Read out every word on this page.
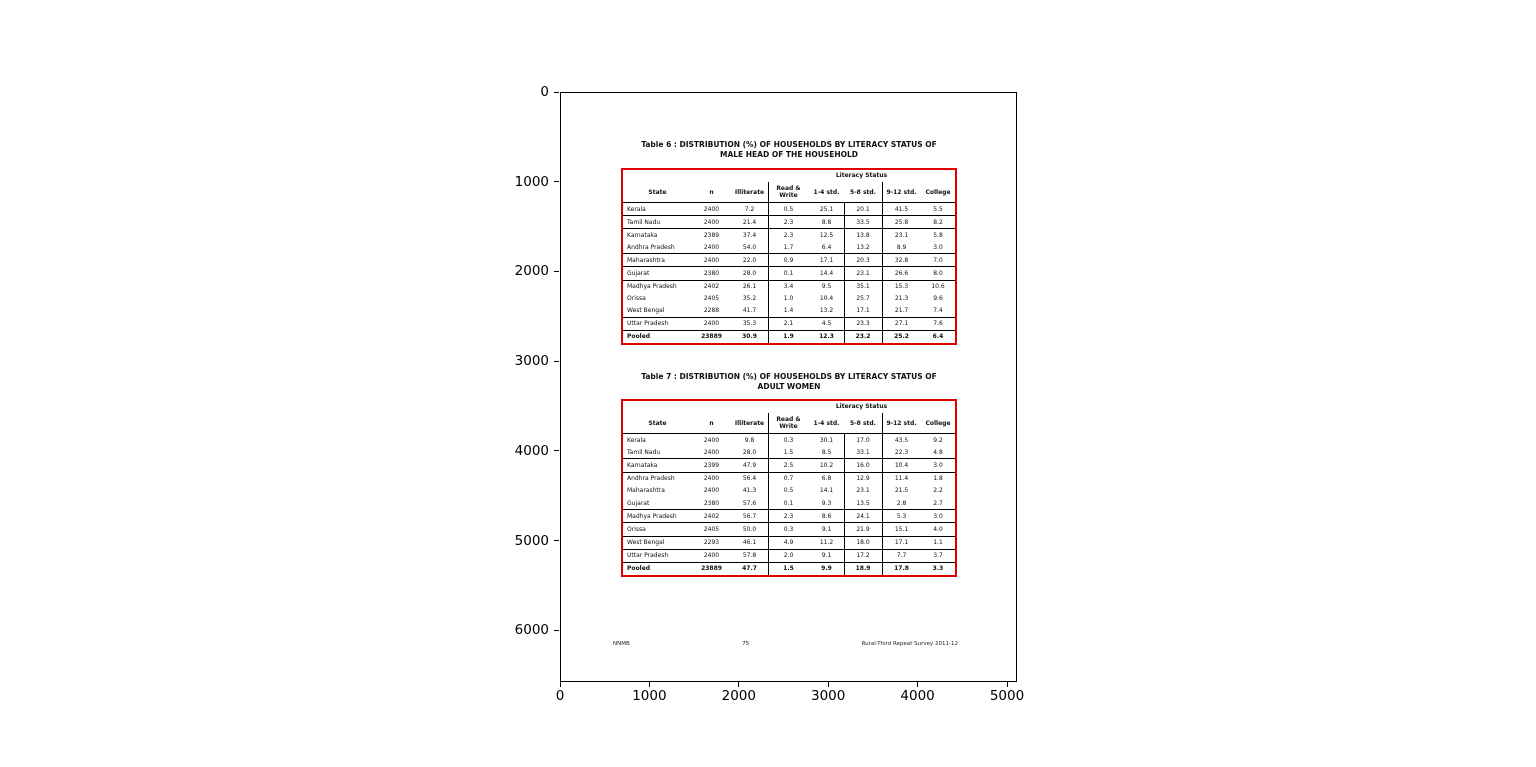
Table 6 : DISTRIBUTION (%) OF HOUSEHOLDS BY LITERACY STATUS OF
MALE HEAD OF THE HOUSEHOLD
Literacy Status
State	n	Illiterate	Read & Write	1-4 std.	5-8 std.	9-12 std.	College
Kerala	2400	7.2	0.5	25.1	20.1	41.5	5.5
Tamil Nadu	2400	21.4	2.3	8.8	33.5	25.8	8.2
Karnataka	2389	37.4	2.3	12.5	13.8	23.1	5.8
Andhra Pradesh	2400	54.0	1.7	6.4	13.2	8.9	3.0
Maharashtra	2400	22.0	0.9	17.1	20.3	32.8	7.0
Gujarat	2380	28.0	0.1	14.4	23.1	26.6	8.0
Madhya Pradesh	2402	26.1	3.4	9.5	35.1	15.3	10.6
Orissa	2405	35.2	1.0	10.4	25.7	21.3	9.6
West Bengal	2288	41.7	1.4	13.2	17.1	21.7	7.4
Uttar Pradesh	2400	35.3	2.1	4.5	23.3	27.1	7.6
Pooled	23889	30.9	1.9	12.3	23.2	25.2	6.4
Table 7 : DISTRIBUTION (%) OF HOUSEHOLDS BY LITERACY STATUS OF
ADULT WOMEN
Literacy Status
State	n	Illiterate	Read & Write	1-4 std.	5-8 std.	9-12 std.	College
Kerala	2400	9.8	0.3	30.1	17.0	43.5	9.2
Tamil Nadu	2400	28.0	1.5	8.5	33.1	22.3	4.8
Karnataka	2399	47.9	2.5	10.2	16.0	10.4	3.0
Andhra Pradesh	2400	56.4	0.7	6.8	12.9	11.4	1.8
Maharashtra	2400	41.3	0.5	14.1	23.1	21.5	2.2
Gujarat	2380	57.6	0.1	9.3	13.5	2.8	2.7
Madhya Pradesh	2402	56.7	2.3	8.6	24.1	5.3	3.0
Orissa	2405	50.0	0.3	9.1	21.9	15.1	4.0
West Bengal	2293	46.1	4.9	11.2	18.0	17.1	1.1
Uttar Pradesh	2400	57.8	2.0	9.1	17.2	7.7	3.7
Pooled	23889	47.7	1.5	9.9	18.9	17.8	3.3
NNMB	75	Rural-Third Repeat Survey 2011-12
0
1000
2000
3000
4000
5000
6000
0	1000	2000	3000	4000	5000
